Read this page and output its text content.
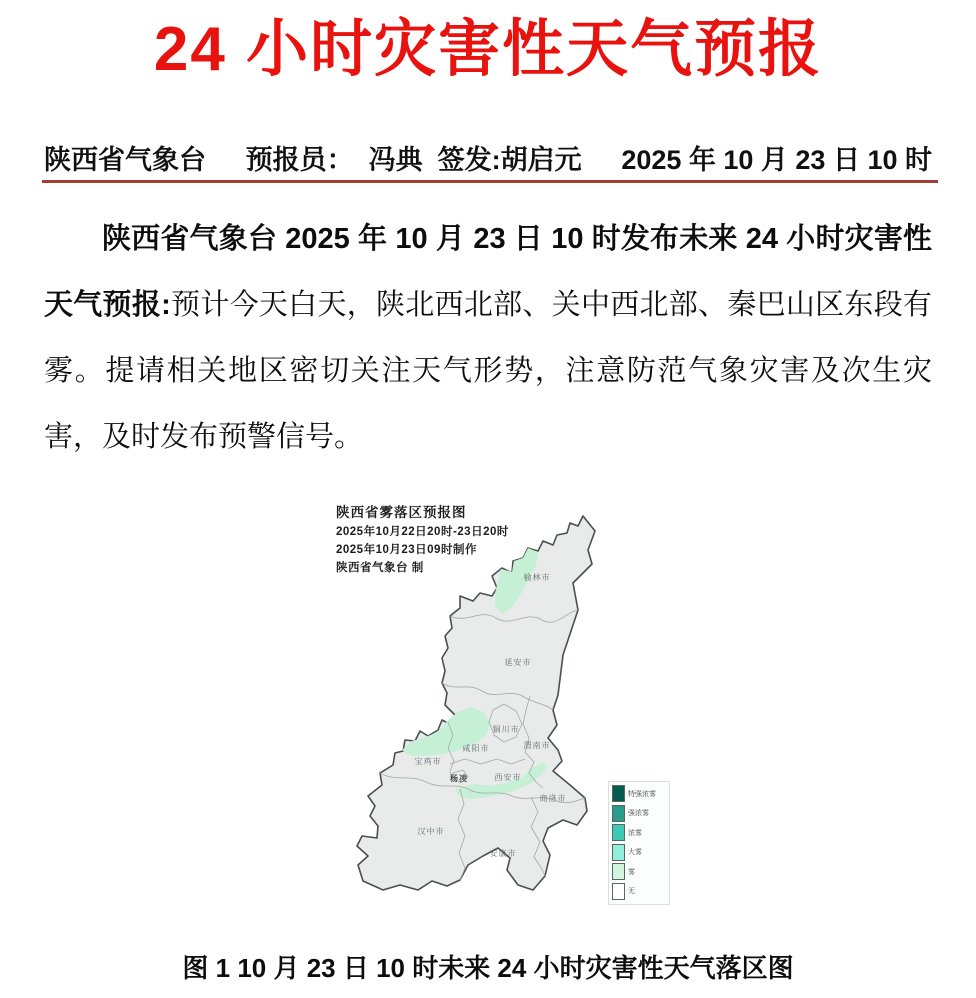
24 小时灾害性天气预报
陕西省气象台 预报员：  冯典  签发:胡启元 2025 年 10 月 23 日 10 时
陕西省气象台 2025 年 10 月 23 日 10 时发布未来 24 小时灾害性天气预报:预计今天白天，陕北西北部、关中西北部、秦巴山区东段有雾。提请相关地区密切关注天气形势，注意防范气象灾害及次生灾害，及时发布预警信号。
榆林市
延安市
铜川市
渭南市
咸阳市
宝鸡市
杨凌	西安市
商洛市
汉中市
安康市
陕西省雾落区预报图
2025年10月22日20时-23日20时
2025年10月23日09时制作
陕西省气象台 制
特强浓雾
强浓雾
浓雾
大雾
雾
无
图 1 10 月 23 日 10 时未来 24 小时灾害性天气落区图
